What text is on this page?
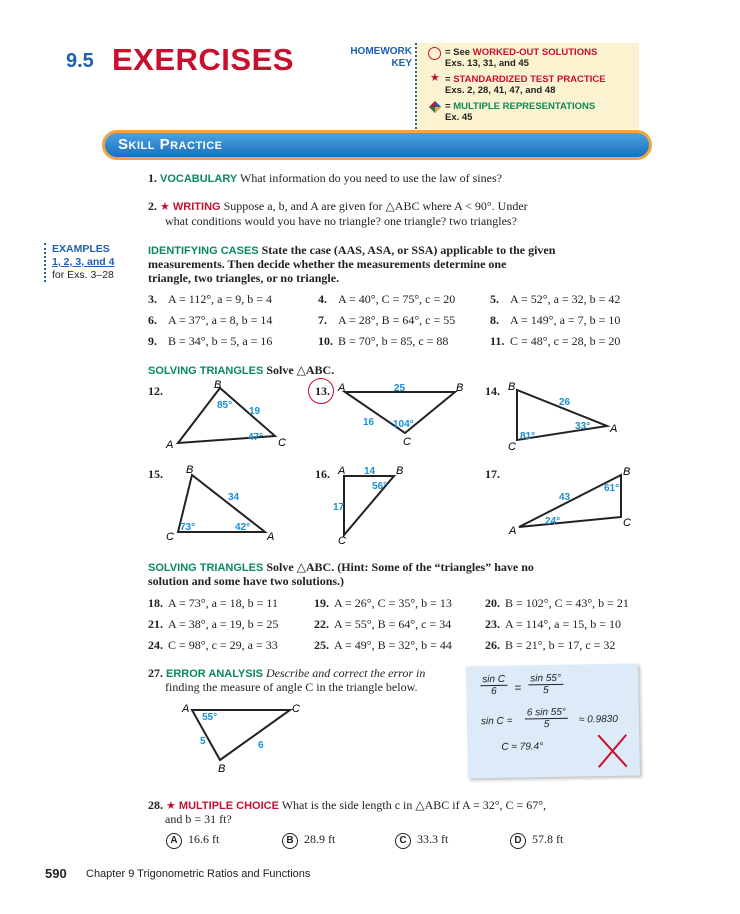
9.5 EXERCISES	HOMEWORK KEY
= See WORKED-OUT SOLUTIONS
Exs. 13, 31, and 45
★ = STANDARDIZED TEST PRACTICE
Exs. 2, 28, 41, 47, and 48
= MULTIPLE REPRESENTATIONS
Ex. 45
Skill Practice
1. VOCABULARY What information do you need to use the law of sines?
2. ★ WRITING Suppose a, b, and A are given for △ABC where A < 90°. Under
what conditions would you have no triangle? one triangle? two triangles?
EXAMPLES
1, 2, 3, and 4
for Exs. 3–28
IDENTIFYING CASES State the case (AAS, ASA, or SSA) applicable to the given
measurements. Then decide whether the measurements determine one
triangle, two triangles, or no triangle.
3. A = 112°, a = 9, b = 4	4. A = 40°, C = 75°, c = 20	5. A = 52°, a = 32, b = 42
6. A = 37°, a = 8, b = 14	7. A = 28°, B = 64°, c = 55	8. A = 149°, a = 7, b = 10
9. B = 34°, b = 5, a = 16	10. B = 70°, b = 85, c = 88	11. C = 48°, c = 28, b = 20
SOLVING TRIANGLES Solve △ABC.
12.	13.	14.
15.	16.	17.
A
B
C
85°
19
47°
A	B
C
25
16 104°
B
C
A
26
81°
33°
B
C	A
34
73°	42°
A	B
C
14
56°
17
B
C
A
43
61°
24°
SOLVING TRIANGLES Solve △ABC. (Hint: Some of the “triangles” have no
solution and some have two solutions.)
18. A = 73°, a = 18, b = 11	19. A = 26°, C = 35°, b = 13	20. B = 102°, C = 43°, b = 21
21. A = 38°, a = 19, b = 25	22. A = 55°, B = 64°, c = 34	23. A = 114°, a = 15, b = 10
24. C = 98°, c = 29, a = 33	25. A = 49°, B = 32°, b = 44	26. B = 21°, b = 17, c = 32
27. ERROR ANALYSIS Describe and correct the error in
finding the measure of angle C in the triangle below.
A	C
B
55°
5	6
$\frac{\text{sin C}}{6} = \frac{\sin 55^\circ}{5}$
$\sin C = \frac{6 \sin 55^\circ}{5} \approx 0.9830$
C ≈ 79.4°
28. ★ MULTIPLE CHOICE What is the side length c in △ABC if A = 32°, C = 67°,
and b = 31 ft?
A 16.6 ft	B 28.9 ft	C 33.3 ft	D 57.8 ft
590 Chapter 9 Trigonometric Ratios and Functions
